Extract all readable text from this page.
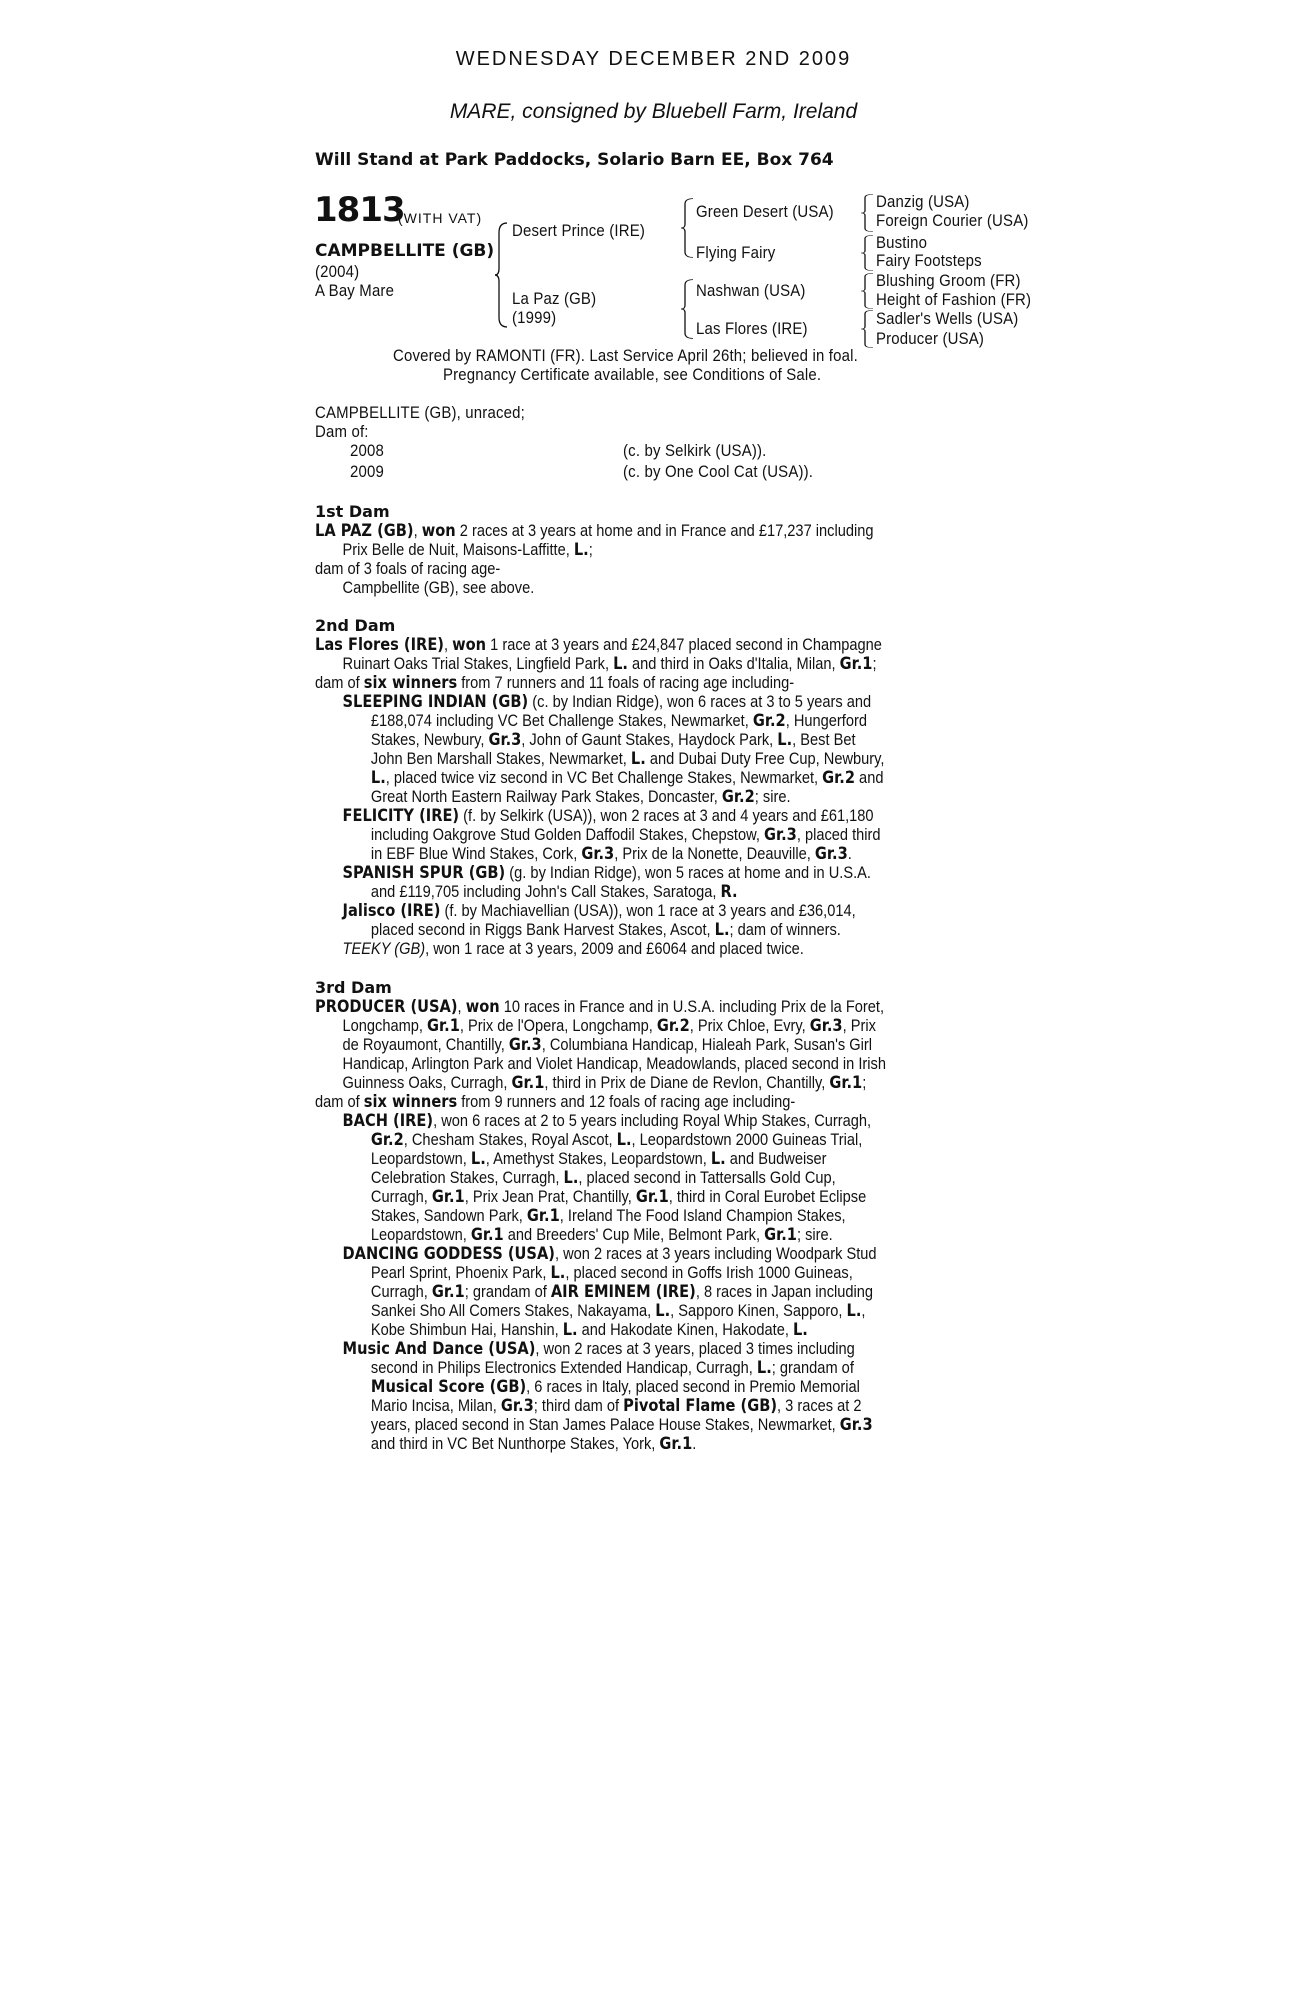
WEDNESDAY DECEMBER 2ND 2009
MARE, consigned by Bluebell Farm, Ireland
Will Stand at Park Paddocks, Solario Barn EE, Box 764
1813
(WITH VAT)
CAMPBELLITE (GB)
(2004)
A Bay Mare
Desert Prince (IRE)
La Paz (GB)
(1999)
Green Desert (USA)
Flying Fairy
Nashwan (USA)
Las Flores (IRE)
Danzig (USA)
Foreign Courier (USA)
Bustino
Fairy Footsteps
Blushing Groom (FR)
Height of Fashion (FR)
Sadler's Wells (USA)
Producer (USA)
Covered by RAMONTI (FR). Last Service April 26th; believed in foal.
Pregnancy Certificate available, see Conditions of Sale.
CAMPBELLITE (GB), unraced;
Dam of:
2008	(c. by Selkirk (USA)).
2009	(c. by One Cool Cat (USA)).
1st Dam
LA PAZ (GB), won 2 races at 3 years at home and in France and £17,237 including
Prix Belle de Nuit, Maisons-Laffitte, L.;
dam of 3 foals of racing age-
Campbellite (GB), see above.
2nd Dam
Las Flores (IRE), won 1 race at 3 years and £24,847 placed second in Champagne
Ruinart Oaks Trial Stakes, Lingfield Park, L. and third in Oaks d'Italia, Milan, Gr.1;
dam of six winners from 7 runners and 11 foals of racing age including-
SLEEPING INDIAN (GB) (c. by Indian Ridge), won 6 races at 3 to 5 years and
£188,074 including VC Bet Challenge Stakes, Newmarket, Gr.2, Hungerford
Stakes, Newbury, Gr.3, John of Gaunt Stakes, Haydock Park, L., Best Bet
John Ben Marshall Stakes, Newmarket, L. and Dubai Duty Free Cup, Newbury,
L., placed twice viz second in VC Bet Challenge Stakes, Newmarket, Gr.2 and
Great North Eastern Railway Park Stakes, Doncaster, Gr.2; sire.
FELICITY (IRE) (f. by Selkirk (USA)), won 2 races at 3 and 4 years and £61,180
including Oakgrove Stud Golden Daffodil Stakes, Chepstow, Gr.3, placed third
in EBF Blue Wind Stakes, Cork, Gr.3, Prix de la Nonette, Deauville, Gr.3.
SPANISH SPUR (GB) (g. by Indian Ridge), won 5 races at home and in U.S.A.
and £119,705 including John's Call Stakes, Saratoga, R.
Jalisco (IRE) (f. by Machiavellian (USA)), won 1 race at 3 years and £36,014,
placed second in Riggs Bank Harvest Stakes, Ascot, L.; dam of winners.
TEEKY (GB), won 1 race at 3 years, 2009 and £6064 and placed twice.
3rd Dam
PRODUCER (USA), won 10 races in France and in U.S.A. including Prix de la Foret,
Longchamp, Gr.1, Prix de l'Opera, Longchamp, Gr.2, Prix Chloe, Evry, Gr.3, Prix
de Royaumont, Chantilly, Gr.3, Columbiana Handicap, Hialeah Park, Susan's Girl
Handicap, Arlington Park and Violet Handicap, Meadowlands, placed second in Irish
Guinness Oaks, Curragh, Gr.1, third in Prix de Diane de Revlon, Chantilly, Gr.1;
dam of six winners from 9 runners and 12 foals of racing age including-
BACH (IRE), won 6 races at 2 to 5 years including Royal Whip Stakes, Curragh,
Gr.2, Chesham Stakes, Royal Ascot, L., Leopardstown 2000 Guineas Trial,
Leopardstown, L., Amethyst Stakes, Leopardstown, L. and Budweiser
Celebration Stakes, Curragh, L., placed second in Tattersalls Gold Cup,
Curragh, Gr.1, Prix Jean Prat, Chantilly, Gr.1, third in Coral Eurobet Eclipse
Stakes, Sandown Park, Gr.1, Ireland The Food Island Champion Stakes,
Leopardstown, Gr.1 and Breeders' Cup Mile, Belmont Park, Gr.1; sire.
DANCING GODDESS (USA), won 2 races at 3 years including Woodpark Stud
Pearl Sprint, Phoenix Park, L., placed second in Goffs Irish 1000 Guineas,
Curragh, Gr.1; grandam of AIR EMINEM (IRE), 8 races in Japan including
Sankei Sho All Comers Stakes, Nakayama, L., Sapporo Kinen, Sapporo, L.,
Kobe Shimbun Hai, Hanshin, L. and Hakodate Kinen, Hakodate, L.
Music And Dance (USA), won 2 races at 3 years, placed 3 times including
second in Philips Electronics Extended Handicap, Curragh, L.; grandam of
Musical Score (GB), 6 races in Italy, placed second in Premio Memorial
Mario Incisa, Milan, Gr.3; third dam of Pivotal Flame (GB), 3 races at 2
years, placed second in Stan James Palace House Stakes, Newmarket, Gr.3
and third in VC Bet Nunthorpe Stakes, York, Gr.1.
